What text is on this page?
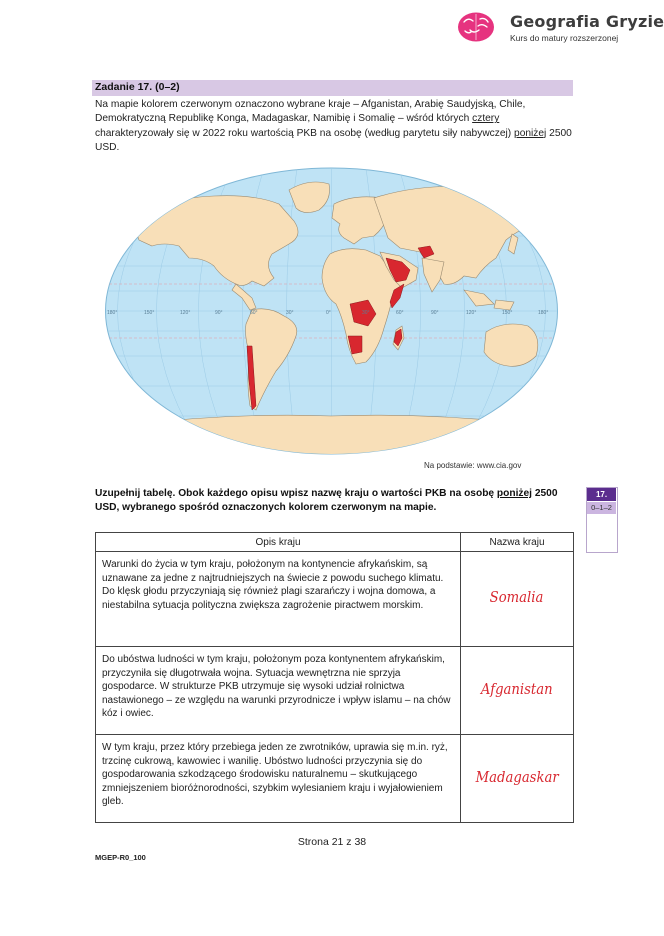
Geografia Gryzie
Kurs do matury rozszerzonej
Zadanie 17. (0–2)
Na mapie kolorem czerwonym oznaczono wybrane kraje – Afganistan, Arabię Saudyjską, Chile, Demokratyczną Republikę Konga, Madagaskar, Namibię i Somalię – wśród których cztery charakteryzowały się w 2022 roku wartością PKB na osobę (według parytetu siły nabywczej) poniżej 2500 USD.
180°	150°	120°	90°	60°	30°	0°	30°	60°	90°	120°	150°	180°
Na podstawie: www.cia.gov
Uzupełnij tabelę. Obok każdego opisu wpisz nazwę kraju o wartości PKB na osobę poniżej 2500 USD, wybranego spośród oznaczonych kolorem czerwonym na mapie.
17.
0–1–2
Opis kraju	Nazwa kraju
Warunki do życia w tym kraju, położonym na kontynencie afrykańskim, są uznawane za jedne z najtrudniejszych na świecie z powodu suchego klimatu. Do klęsk głodu przyczyniają się również plagi szarańczy i wojna domowa, a niestabilna sytuacja polityczna zwiększa zagrożenie piractwem morskim.	Somalia
Do ubóstwa ludności w tym kraju, położonym poza kontynentem afrykańskim, przyczyniła się długotrwała wojna. Sytuacja wewnętrzna nie sprzyja gospodarce. W strukturze PKB utrzymuje się wysoki udział rolnictwa nastawionego – ze względu na warunki przyrodnicze i wpływ islamu – na chów kóz i owiec.	Afganistan
W tym kraju, przez który przebiega jeden ze zwrotników, uprawia się m.in. ryż, trzcinę cukrową, kawowiec i wanilię. Ubóstwo ludności przyczynia się do gospodarowania szkodzącego środowisku naturalnemu – skutkującego zmniejszeniem bioróżnorodności, szybkim wylesianiem kraju i wyjałowieniem gleb.	Madagaskar
Strona 21 z 38
MGEP-R0_100
